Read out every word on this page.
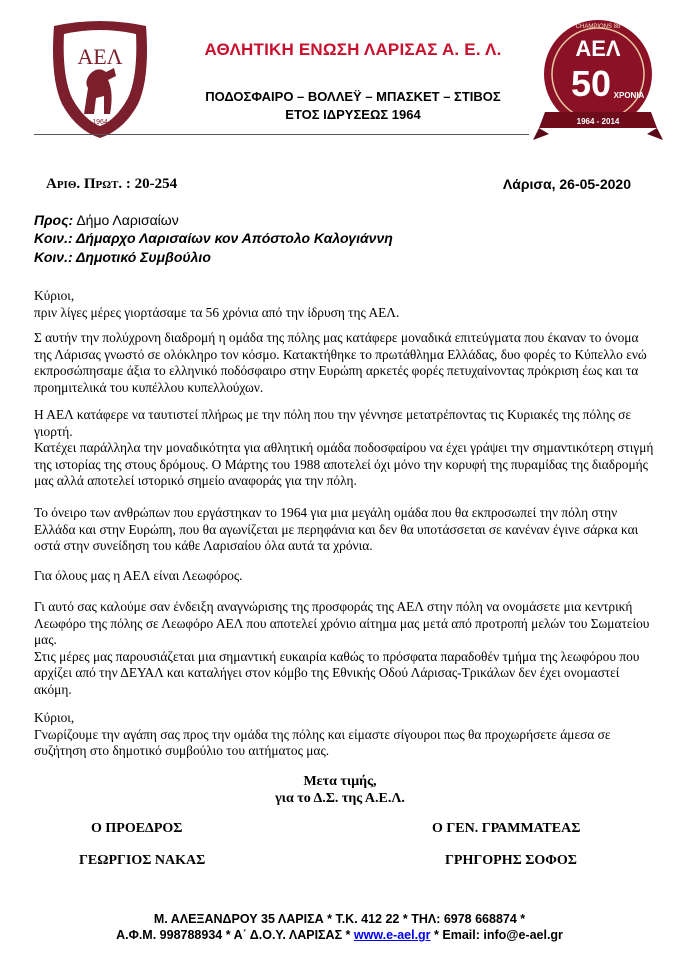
ΑΕΛ
1964
ΑΘΛΗΤΙΚΗ ΕΝΩΣΗ ΛΑΡΙΣΑΣ Α. Ε. Λ.
ΠΟΔΟΣΦΑΙΡΟ – ΒΟΛΛΕΫ – ΜΠΑΣΚΕΤ – ΣΤΙΒΟΣ
ΕΤΟΣ ΙΔΡΥΣΕΩΣ 1964
CHAMPIONS 88
ΑΕΛ
50 ΧΡΟΝΙΑ
1964 - 2014
Αριθ. Πρωτ. : 20-254	Λάρισα, 26-05-2020
Προς: Δήμο Λαρισαίων
Κοιν.: Δήμαρχο Λαρισαίων κον Απόστολο Καλογιάννη
Κοιν.: Δημοτικό Συμβούλιο

Κύριοι,

πριν λίγες μέρες γιορτάσαμε τα 56 χρόνια από την ίδρυση της ΑΕΛ.

Σ αυτήν την πολύχρονη διαδρομή η ομάδα της πόλης μας κατάφερε μοναδικά επιτεύγματα που έκαναν το όνομα της Λάρισας γνωστό σε ολόκληρο τον κόσμο. Κατακτήθηκε το πρωτάθλημα Ελλάδας, δυο φορές το Κύπελλο ενώ εκπροσώπησαμε άξια το ελληνικό ποδόσφαιρο στην Ευρώπη αρκετές φορές πετυχαίνοντας πρόκριση έως και τα προημιτελικά του κυπέλλου κυπελλούχων.

Η ΑΕΛ κατάφερε να ταυτιστεί πλήρως με την πόλη που την γέννησε μετατρέποντας τις Κυριακές της πόλης σε γιορτή.

Κατέχει παράλληλα την μοναδικότητα για αθλητική ομάδα ποδοσφαίρου να έχει γράψει την σημαντικότερη στιγμή της ιστορίας της στους δρόμους. Ο Μάρτης του 1988 αποτελεί όχι μόνο την κορυφή της πυραμίδας της διαδρομής μας αλλά αποτελεί ιστορικό σημείο αναφοράς για την πόλη.

Το όνειρο των ανθρώπων που εργάστηκαν το 1964 για μια μεγάλη ομάδα που θα εκπροσωπεί την πόλη στην Ελλάδα και στην Ευρώπη, που θα αγωνίζεται με περηφάνια και δεν θα υποτάσσεται σε κανέναν έγινε σάρκα και οστά στην συνείδηση του κάθε Λαρισαίου όλα αυτά τα χρόνια.

Για όλους μας η ΑΕΛ είναι Λεωφόρος.

Γι αυτό σας καλούμε σαν ένδειξη αναγνώρισης της προσφοράς της ΑΕΛ στην πόλη να ονομάσετε μια κεντρική Λεωφόρο της πόλης σε Λεωφόρο ΑΕΛ που αποτελεί χρόνιο αίτημα μας μετά από προτροπή μελών του Σωματείου μας.

Στις μέρες μας παρουσιάζεται μια σημαντική ευκαιρία καθώς το πρόσφατα παραδοθέν τμήμα της λεωφόρου που αρχίζει από την ΔΕΥΑΛ και καταλήγει στον κόμβο της Εθνικής Οδού Λάρισας-Τρικάλων δεν έχει ονομαστεί ακόμη.

Κύριοι,

Γνωρίζουμε την αγάπη σας προς την ομάδα της πόλης και είμαστε σίγουροι πως θα προχωρήσετε άμεσα σε συζήτηση στο δημοτικό συμβούλιο του αιτήματος μας.

Μετα τιμής,
για το Δ.Σ. της Α.Ε.Λ.
Ο ΠΡΟΕΔΡΟΣ
ΓΕΩΡΓΙΟΣ ΝΑΚΑΣ
Ο ΓΕΝ. ΓΡΑΜΜΑΤΕΑΣ
ΓΡΗΓΟΡΗΣ ΣΟΦΟΣ
Μ. ΑΛΕΞΑΝΔΡΟΥ 35 ΛΑΡΙΣΑ * Τ.Κ. 412 22 * ΤΗΛ: 6978 668874 *
Α.Φ.Μ. 998788934 * Α΄ Δ.Ο.Υ. ΛΑΡΙΣΑΣ * www.e-ael.gr * Email: info@e-ael.gr
